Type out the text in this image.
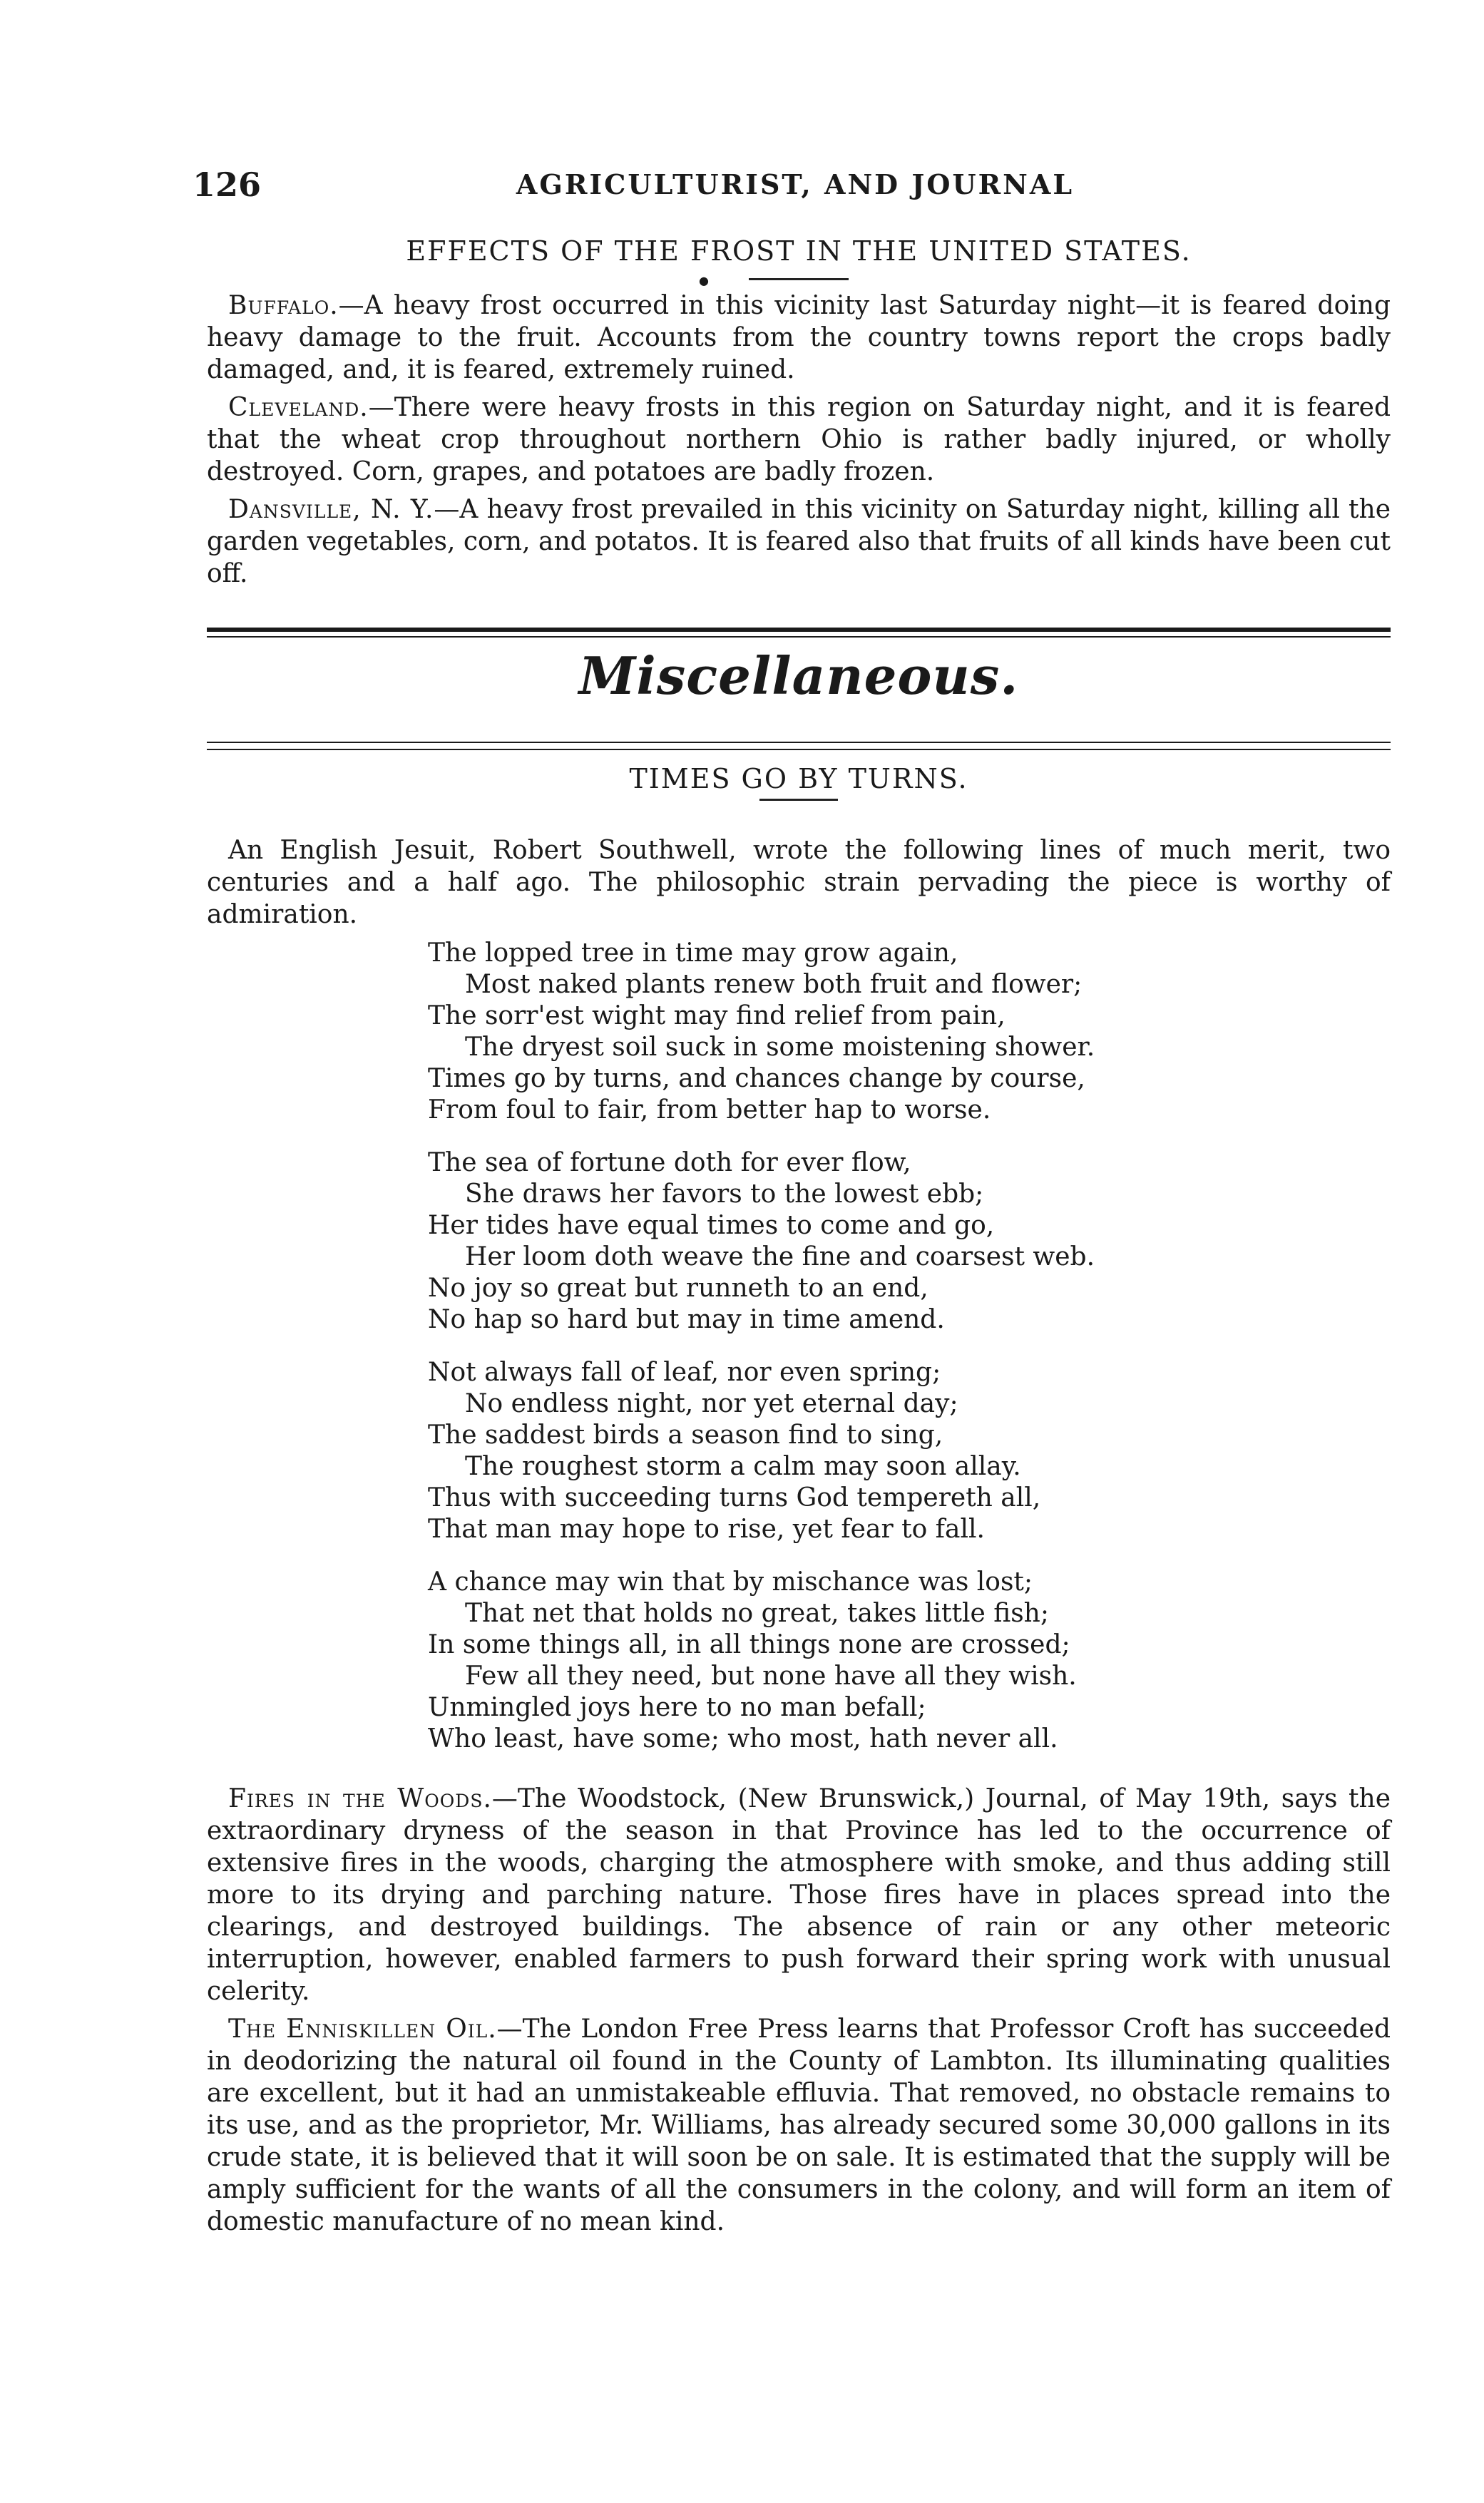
126	AGRICULTURIST, AND JOURNAL
EFFECTS OF THE FROST IN THE UNITED STATES.
●

Buffalo.—A heavy frost occurred in this vicinity last Saturday night—it is feared doing heavy damage to the fruit. Accounts from the country towns report the crops badly damaged, and, it is feared, extremely ruined.

Cleveland.—There were heavy frosts in this region on Saturday night, and it is feared that the wheat crop throughout northern Ohio is rather badly injured, or wholly destroyed. Corn, grapes, and potatoes are badly frozen.

Dansville, N. Y.—A heavy frost prevailed in this vicinity on Saturday night, killing all the garden vegetables, corn, and potatos. It is feared also that fruits of all kinds have been cut off.

Miscellaneous.
TIMES GO BY TURNS.

An English Jesuit, Robert Southwell, wrote the following lines of much merit, two centuries and a half ago. The philosophic strain pervading the piece is worthy of admiration.

The lopped tree in time may grow again,
Most naked plants renew both fruit and flower;
The sorr'est wight may find relief from pain,
The dryest soil suck in some moistening shower.
Times go by turns, and chances change by course,
From foul to fair, from better hap to worse.
The sea of fortune doth for ever flow,
She draws her favors to the lowest ebb;
Her tides have equal times to come and go,
Her loom doth weave the fine and coarsest web.
No joy so great but runneth to an end,
No hap so hard but may in time amend.
Not always fall of leaf, nor even spring;
No endless night, nor yet eternal day;
The saddest birds a season find to sing,
The roughest storm a calm may soon allay.
Thus with succeeding turns God tempereth all,
That man may hope to rise, yet fear to fall.
A chance may win that by mischance was lost;
That net that holds no great, takes little fish;
In some things all, in all things none are crossed;
Few all they need, but none have all they wish.
Unmingled joys here to no man befall;
Who least, have some; who most, hath never all.

Fires in the Woods.—The Woodstock, (New Brunswick,) Journal, of May 19th, says the extraordinary dryness of the season in that Province has led to the occurrence of extensive fires in the woods, charging the atmosphere with smoke, and thus adding still more to its drying and parching nature. Those fires have in places spread into the clearings, and destroyed buildings. The absence of rain or any other meteoric interruption, however, enabled farmers to push forward their spring work with unusual celerity.

The Enniskillen Oil.—The London Free Press learns that Professor Croft has succeeded in deodorizing the natural oil found in the County of Lambton. Its illuminating qualities are excellent, but it had an unmistakeable effluvia. That removed, no obstacle remains to its use, and as the proprietor, Mr. Williams, has already secured some 30,000 gallons in its crude state, it is believed that it will soon be on sale. It is estimated that the supply will be amply sufficient for the wants of all the consumers in the colony, and will form an item of domestic manufacture of no mean kind.
